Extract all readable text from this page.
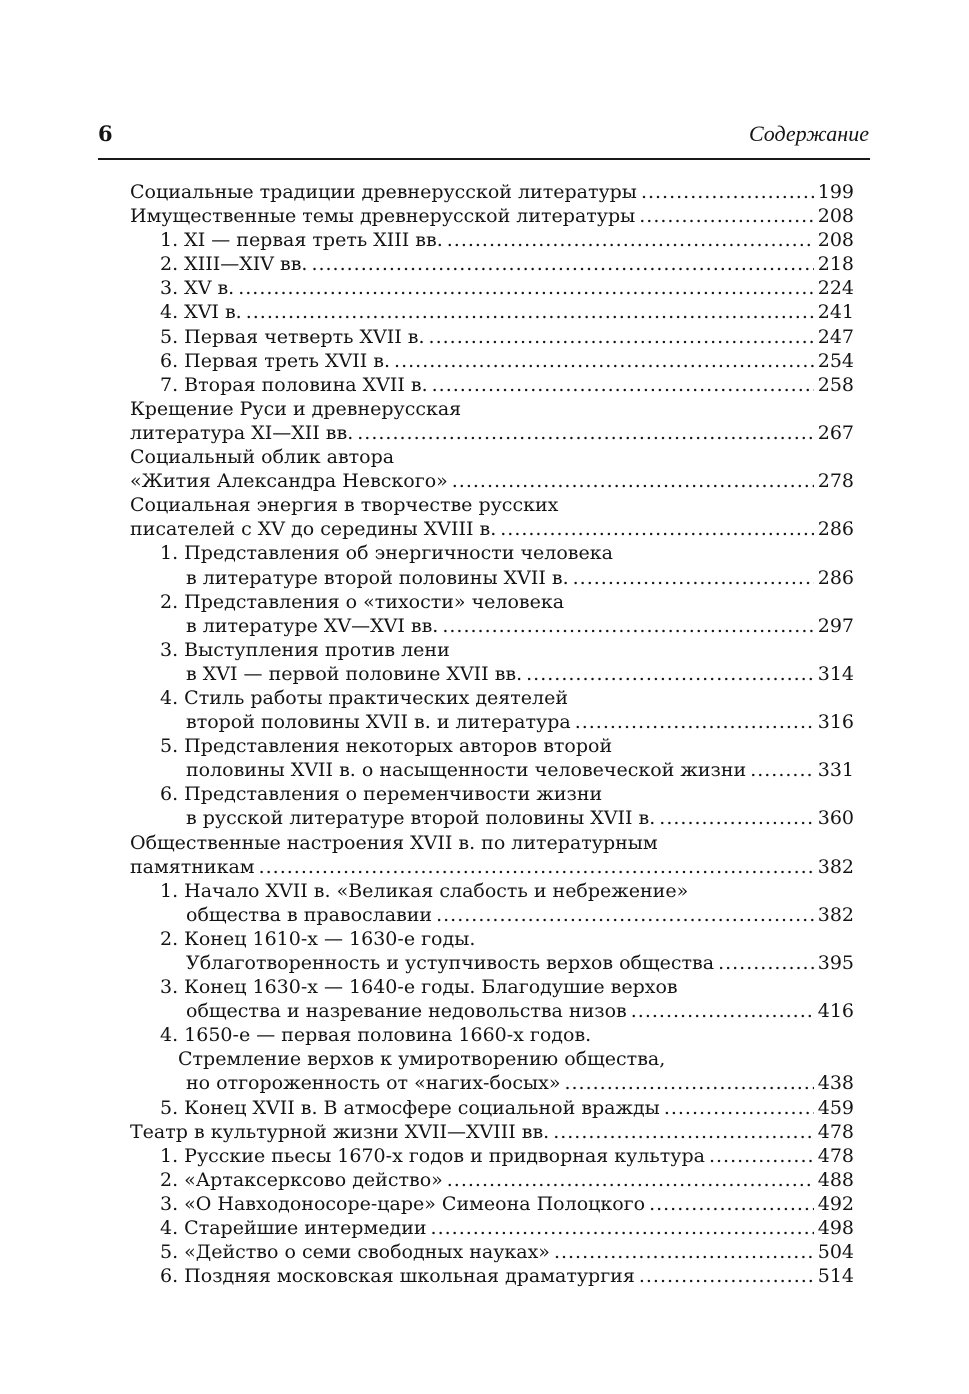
6	Содержание
Социальные традиции древнерусской литературы .....	199
Имущественные темы древнерусской литературы .....	208
1. XI — первая треть XIII вв. .....	208
2. XIII—XIV вв. .....	218
3. XV в. .....	224
4. XVI в. .....	241
5. Первая четверть XVII в. .....	247
6. Первая треть XVII в. .....	254
7. Вторая половина XVII в. .....	258
Крещение Руси и древнерусская
литература XI—XII вв. .....	267
Социальный облик автора
«Жития Александра Невского» .....	278
Социальная энергия в творчестве русских
писателей с XV до середины XVIII в. .....	286
1. Представления об энергичности человека
в литературе второй половины XVII в. .....	286
2. Представления о «тихости» человека
в литературе XV—XVI вв. .....	297
3. Выступления против лени
в XVI — первой половине XVII вв. .....	314
4. Стиль работы практических деятелей
второй половины XVII в. и литература .....	316
5. Представления некоторых авторов второй
половины XVII в. о насыщенности человеческой жизни .....	331
6. Представления о переменчивости жизни
в русской литературе второй половины XVII в. .....	360
Общественные настроения XVII в. по литературным
памятникам .....	382
1. Начало XVII в. «Великая слабость и небрежение»
общества в православии .....	382
2. Конец 1610-х — 1630-е годы.
Ублаготворенность и уступчивость верхов общества .....	395
3. Конец 1630-х — 1640-е годы. Благодушие верхов
общества и назревание недовольства низов .....	416
4. 1650-е — первая половина 1660-х годов.
Стремление верхов к умиротворению общества,
но отгороженность от «нагих-босых» .....	438
5. Конец XVII в. В атмосфере социальной вражды .....	459
Театр в культурной жизни XVII—XVIII вв. .....	478
1. Русские пьесы 1670-х годов и придворная культура .....	478
2. «Артаксерксово действо» .....	488
3. «О Навходоносоре-царе» Симеона Полоцкого .....	492
4. Старейшие интермедии .....	498
5. «Действо о семи свободных науках» .....	504
6. Поздняя московская школьная драматургия .....	514
